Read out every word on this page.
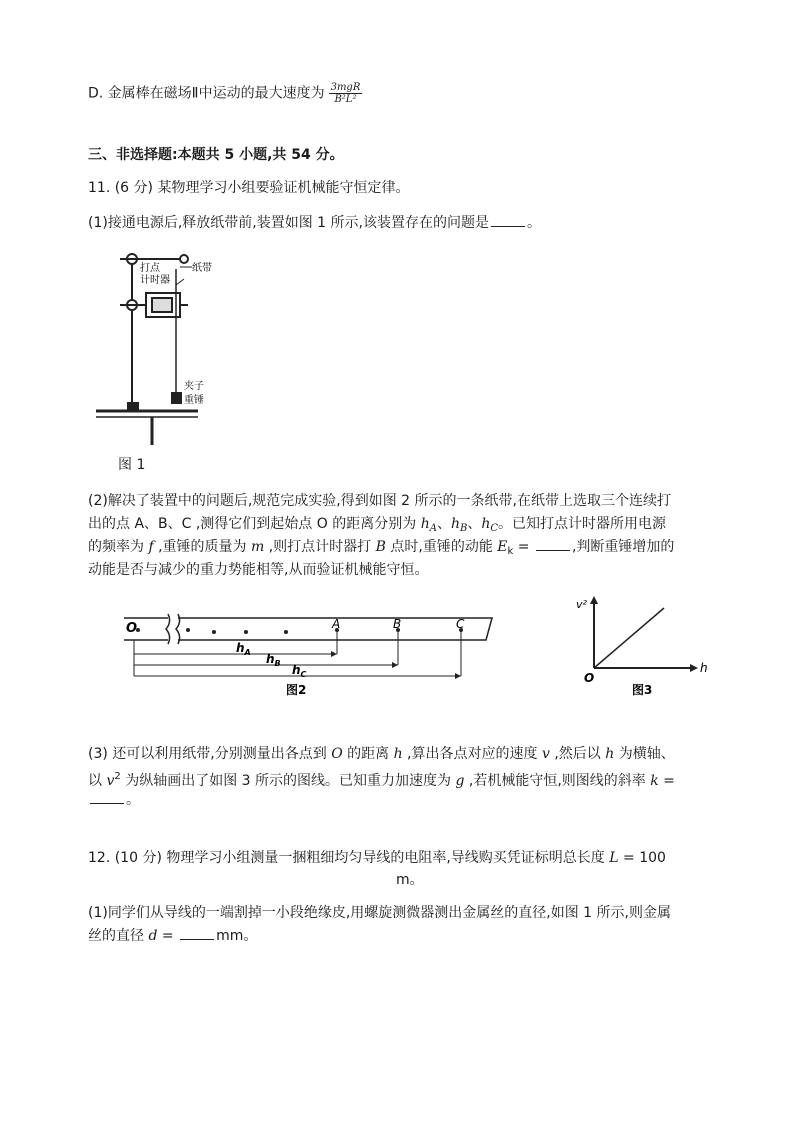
D. 金属棒在磁场Ⅱ中运动的最大速度为 $\frac{\text{3mgR}}{\text{B²L²}}$
三、非选择题:本题共 5 小题,共 54 分。
11. (6 分) 某物理学习小组要验证机械能守恒定律。
(1)接通电源后,释放纸带前,装置如图 1 所示,该装置存在的问题是	。
打点
计时器
纸带
夹子
重锤
图 1
(2)解决了装置中的问题后,规范完成实验,得到如图 2 所示的一条纸带,在纸带上选取三个连续打
出的点 A、B、C ,测得它们到起始点 O 的距离分别为 $h_A$、$h_B$、$h_C$。已知打点计时器所用电源
的频率为 f ,重锤的质量为 m ,则打点计时器打 B 点时,重锤的动能 $E_k$ =	,判断重锤增加的
动能是否与减少的重力势能相等,从而验证机械能守恒。
O	A	B	C
$h_A$ $h_B$ $h_C$
图2
v²
h
O
图3
(3) 还可以利用纸带,分别测量出各点到 O 的距离 h ,算出各点对应的速度 v ,然后以 h 为横轴、
以 $v^2$ 为纵轴画出了如图 3 所示的图线。已知重力加速度为 g ,若机械能守恒,则图线的斜率 k =
。
12. (10 分) 物理学习小组测量一捆粗细均匀导线的电阻率,导线购买凭证标明总长度 L = 100
m。
(1)同学们从导线的一端割掉一小段绝缘皮,用螺旋测微器测出金属丝的直径,如图 1 所示,则金属
丝的直径 d =	mm。
